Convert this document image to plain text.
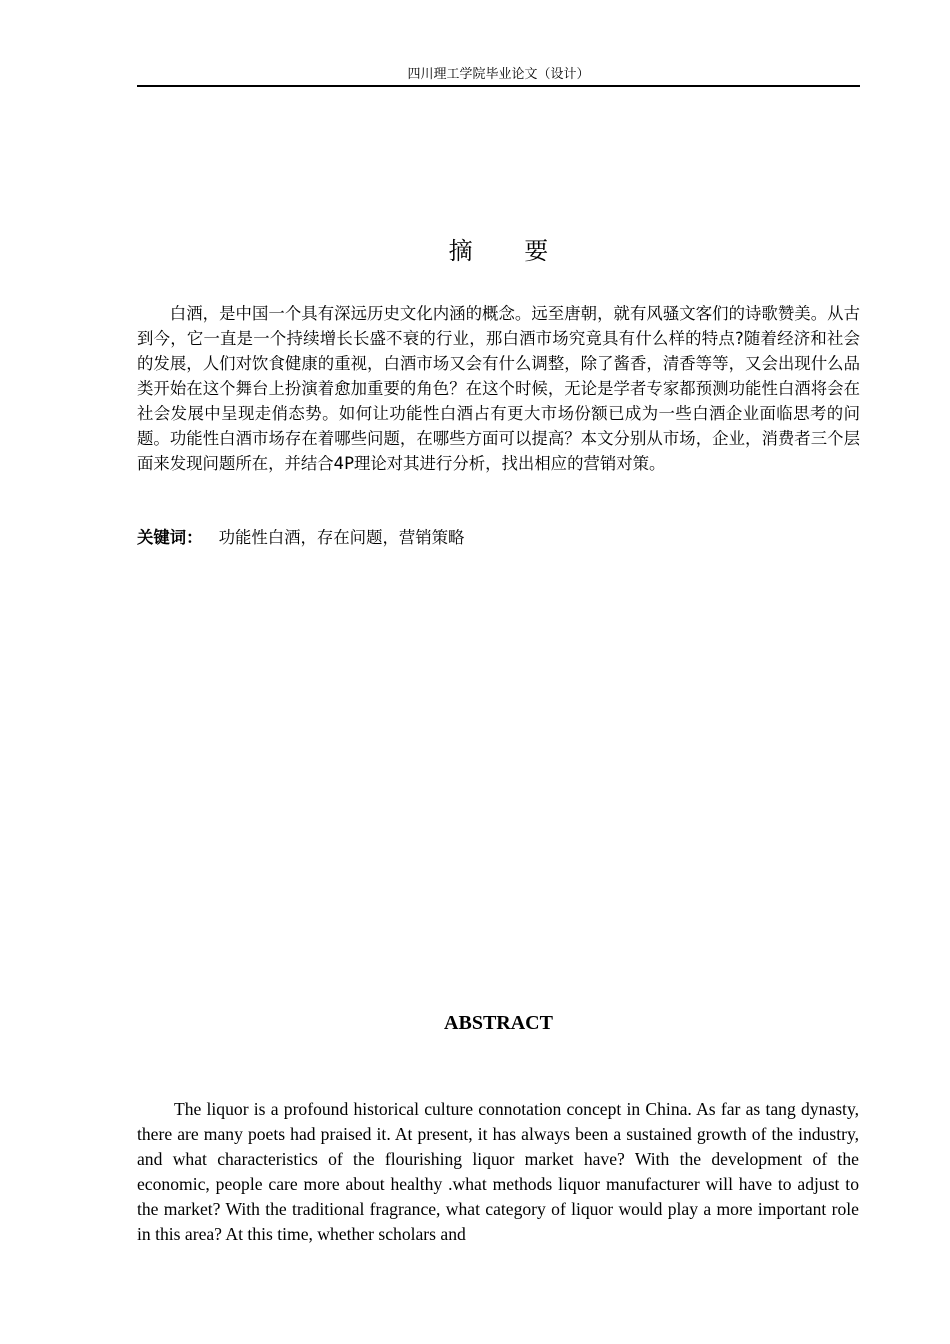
四川理工学院毕业论文（设计）
摘 要

白酒，是中国一个具有深远历史文化内涵的概念。远至唐朝，就有风骚文客们的诗歌赞美。从古到今，它一直是一个持续增长长盛不衰的行业，那白酒市场究竟具有什么样的特点?随着经济和社会的发展，人们对饮食健康的重视，白酒市场又会有什么调整，除了酱香，清香等等，又会出现什么品类开始在这个舞台上扮演着愈加重要的角色？在这个时候，无论是学者专家都预测功能性白酒将会在社会发展中呈现走俏态势。如何让功能性白酒占有更大市场份额已成为一些白酒企业面临思考的问题。功能性白酒市场存在着哪些问题，在哪些方面可以提高？本文分别从市场，企业，消费者三个层面来发现问题所在，并结合4P理论对其进行分析，找出相应的营销对策。

关键词： 功能性白酒，存在问题，营销策略
ABSTRACT

The liquor is a profound historical culture connotation concept in China. As far as tang dynasty, there are many poets had praised it. At present, it has always been a sustained growth of the industry, and what characteristics of the flourishing liquor market have? With the development of the economic, people care more about healthy .what methods liquor manufacturer will have to adjust to the market? With the traditional fragrance, what category of liquor would play a more important role in this area? At this time, whether scholars and
